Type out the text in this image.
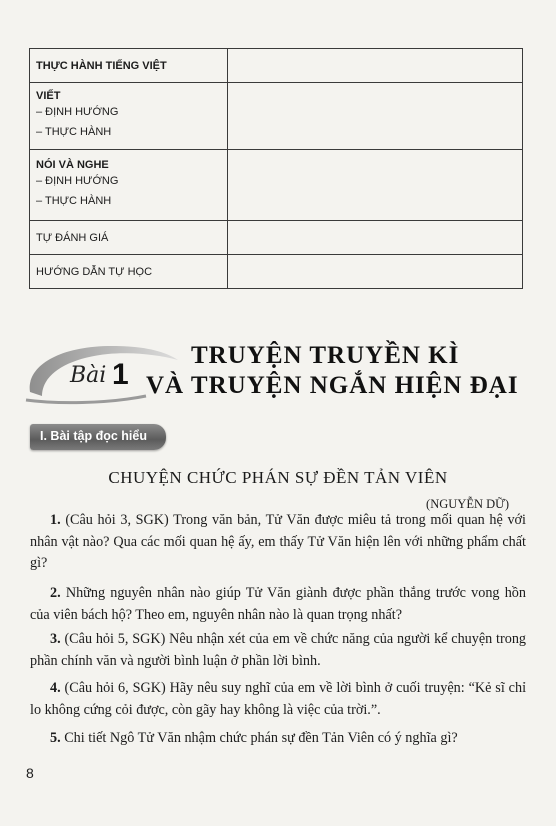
THỰC HÀNH TIẾNG VIỆT	

VIẾT
– ĐỊNH HƯỚNG
– THỰC HÀNH	

NÓI VÀ NGHE
– ĐỊNH HƯỚNG
– THỰC HÀNH	

TỰ ĐÁNH GIÁ	

HƯỚNG DẪN TỰ HỌC	

Bài 1
TRUYỆN TRUYỀN KÌ
VÀ TRUYỆN NGẮN HIỆN ĐẠI
I. Bài tập đọc hiểu
CHUYỆN CHỨC PHÁN SỰ ĐỀN TẢN VIÊN
(NGUYỄN DỮ)

1. (Câu hỏi 3, SGK) Trong văn bản, Tử Văn được miêu tả trong mối quan hệ với nhân vật nào? Qua các mối quan hệ ấy, em thấy Tử Văn hiện lên với những phẩm chất gì?

2. Những nguyên nhân nào giúp Tử Văn giành được phần thắng trước vong hồn của viên bách hộ? Theo em, nguyên nhân nào là quan trọng nhất?

3. (Câu hỏi 5, SGK) Nêu nhận xét của em về chức năng của người kể chuyện trong phần chính văn và người bình luận ở phần lời bình.

4. (Câu hỏi 6, SGK) Hãy nêu suy nghĩ của em về lời bình ở cuối truyện: “Kẻ sĩ chỉ lo không cứng cỏi được, còn gãy hay không là việc của trời.”.

5. Chi tiết Ngô Tử Văn nhậm chức phán sự đền Tản Viên có ý nghĩa gì?

8
